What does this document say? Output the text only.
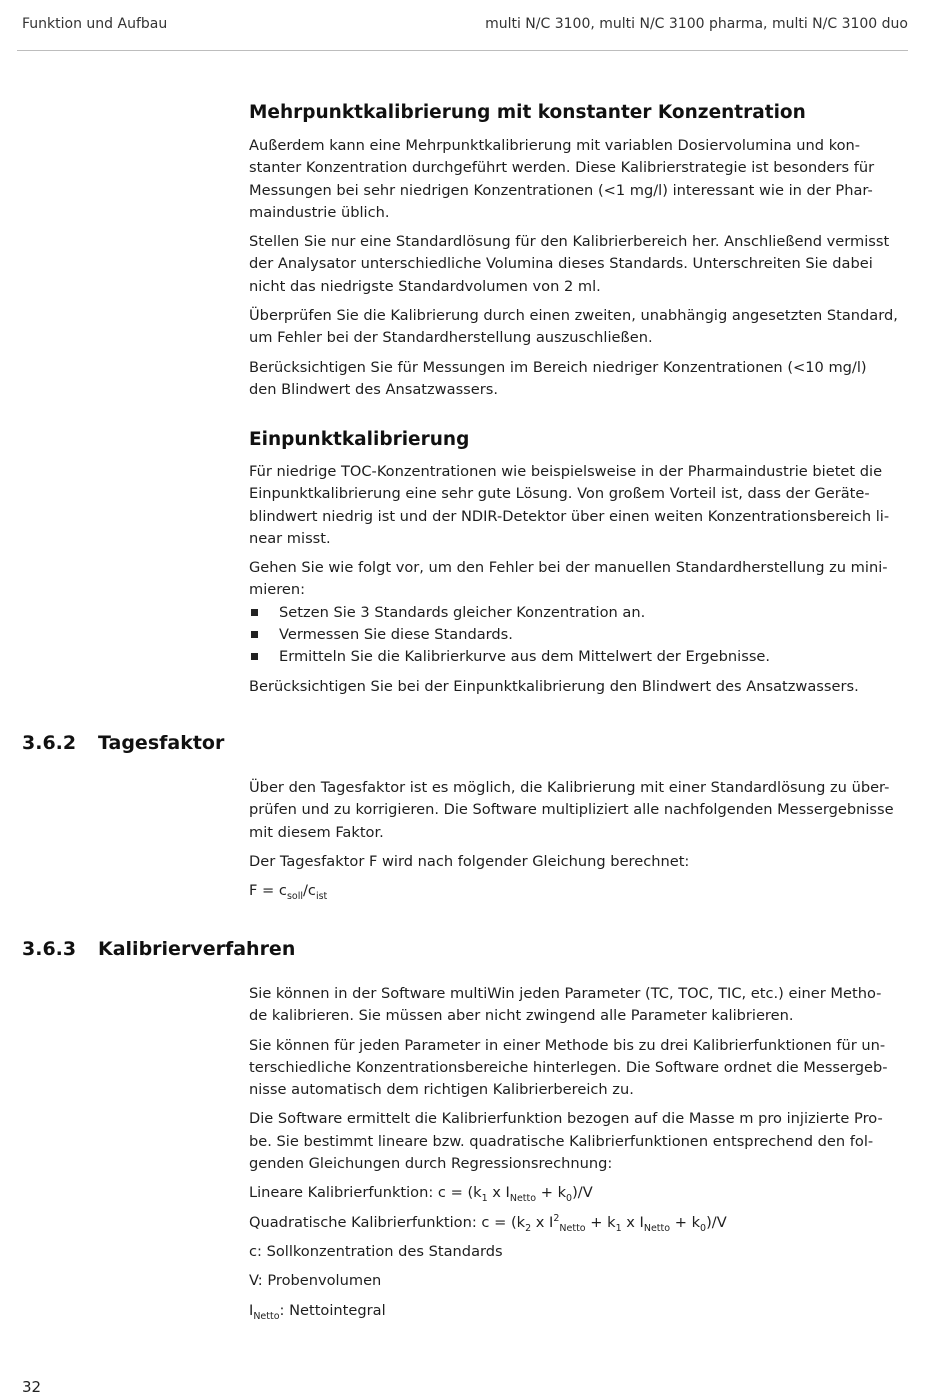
Funktion und Aufbau	multi N/C 3100, multi N/C 3100 pharma, multi N/C 3100 duo
Mehrpunktkalibrierung mit konstanter Konzentration

Außerdem kann eine Mehrpunktkalibrierung mit variablen Dosiervolumina und kon-
stanter Konzentration durchgeführt werden. Diese Kalibrierstrategie ist besonders für
Messungen bei sehr niedrigen Konzentrationen (<1 mg/l) interessant wie in der Phar-
maindustrie üblich.

Stellen Sie nur eine Standardlösung für den Kalibrierbereich her. Anschließend vermisst
der Analysator unterschiedliche Volumina dieses Standards. Unterschreiten Sie dabei
nicht das niedrigste Standardvolumen von 2 ml.

Überprüfen Sie die Kalibrierung durch einen zweiten, unabhängig angesetzten Standard,
um Fehler bei der Standardherstellung auszuschließen.

Berücksichtigen Sie für Messungen im Bereich niedriger Konzentrationen (<10 mg/l)
den Blindwert des Ansatzwassers.

Einpunktkalibrierung

Für niedrige TOC-Konzentrationen wie beispielsweise in der Pharmaindustrie bietet die
Einpunktkalibrierung eine sehr gute Lösung. Von großem Vorteil ist, dass der Geräte-
blindwert niedrig ist und der NDIR-Detektor über einen weiten Konzentrationsbereich li-
near misst.

Gehen Sie wie folgt vor, um den Fehler bei der manuellen Standardherstellung zu mini-
mieren:

Setzen Sie 3 Standards gleicher Konzentration an.
Vermessen Sie diese Standards.
Ermitteln Sie die Kalibrierkurve aus dem Mittelwert der Ergebnisse.

Berücksichtigen Sie bei der Einpunktkalibrierung den Blindwert des Ansatzwassers.

3.6.2 Tagesfaktor

Über den Tagesfaktor ist es möglich, die Kalibrierung mit einer Standardlösung zu über-
prüfen und zu korrigieren. Die Software multipliziert alle nachfolgenden Messergebnisse
mit diesem Faktor.

Der Tagesfaktor F wird nach folgender Gleichung berechnet:

$F = c_{soll}/c_{ist}$

3.6.3 Kalibrierverfahren

Sie können in der Software multiWin jeden Parameter (TC, TOC, TIC, etc.) einer Metho-
de kalibrieren. Sie müssen aber nicht zwingend alle Parameter kalibrieren.

Sie können für jeden Parameter in einer Methode bis zu drei Kalibrierfunktionen für un-
terschiedliche Konzentrationsbereiche hinterlegen. Die Software ordnet die Messergeb-
nisse automatisch dem richtigen Kalibrierbereich zu.

Die Software ermittelt die Kalibrierfunktion bezogen auf die Masse m pro injizierte Pro-
be. Sie bestimmt lineare bzw. quadratische Kalibrierfunktionen entsprechend den fol-
genden Gleichungen durch Regressionsrechnung:

Lineare Kalibrierfunktion: $c = (k_1$ x $I_{Netto} + k_0)/V$

Quadratische Kalibrierfunktion: $c = (k_2$ x $I^2_{Netto} + k_1$ x $I_{Netto} + k_0)/V$

c: Sollkonzentration des Standards

V: Probenvolumen

$I_{Netto}$: Nettointegral

32
